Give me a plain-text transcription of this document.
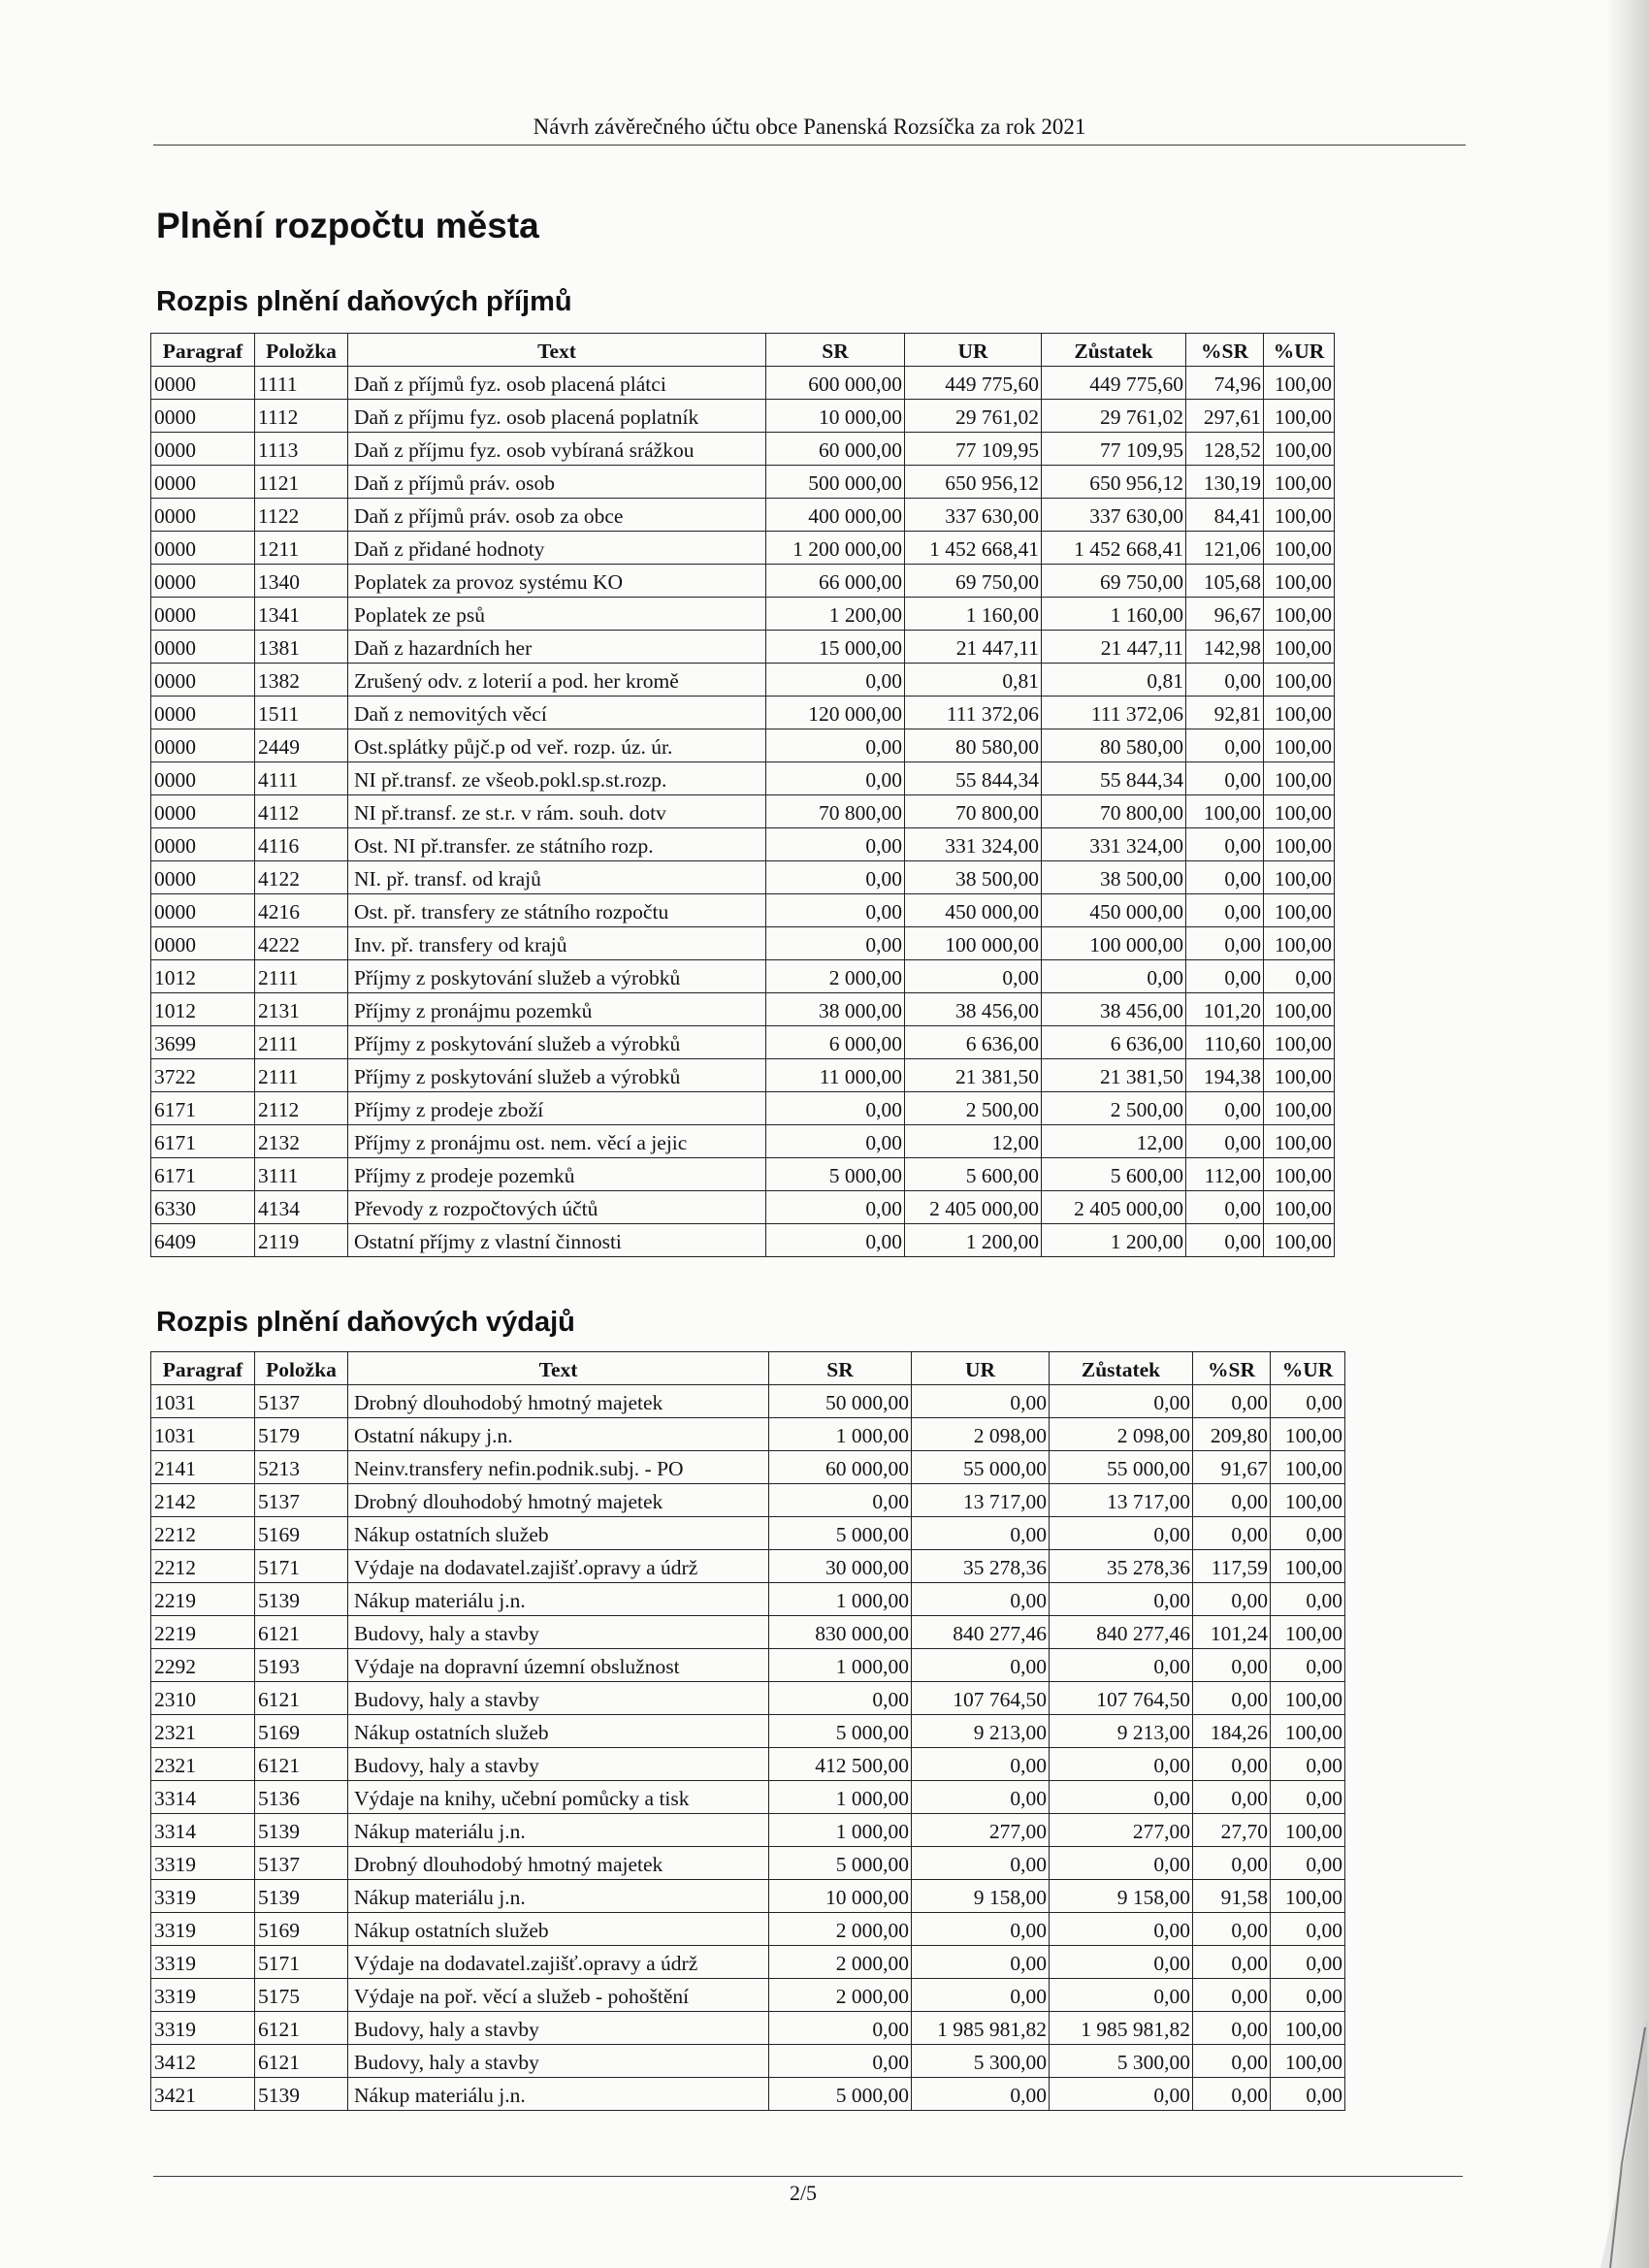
Návrh závěrečného účtu obce Panenská Rozsíčka za rok 2021
Plnění rozpočtu města
Rozpis plnění daňových příjmů
Paragraf	Položka	Text	SR	UR	Zůstatek	%SR	%UR
0000	1111	Daň z příjmů fyz. osob placená plátci	600 000,00	449 775,60	449 775,60	74,96	100,00
0000	1112	Daň z příjmu fyz. osob placená poplatník	10 000,00	29 761,02	29 761,02	297,61	100,00
0000	1113	Daň z příjmu fyz. osob vybíraná srážkou	60 000,00	77 109,95	77 109,95	128,52	100,00
0000	1121	Daň z příjmů práv. osob	500 000,00	650 956,12	650 956,12	130,19	100,00
0000	1122	Daň z příjmů práv. osob za obce	400 000,00	337 630,00	337 630,00	84,41	100,00
0000	1211	Daň z přidané hodnoty	1 200 000,00	1 452 668,41	1 452 668,41	121,06	100,00
0000	1340	Poplatek za provoz systému KO	66 000,00	69 750,00	69 750,00	105,68	100,00
0000	1341	Poplatek ze psů	1 200,00	1 160,00	1 160,00	96,67	100,00
0000	1381	Daň z hazardních her	15 000,00	21 447,11	21 447,11	142,98	100,00
0000	1382	Zrušený odv. z loterií a pod. her kromě	0,00	0,81	0,81	0,00	100,00
0000	1511	Daň z nemovitých věcí	120 000,00	111 372,06	111 372,06	92,81	100,00
0000	2449	Ost.splátky půjč.p od veř. rozp. úz. úr.	0,00	80 580,00	80 580,00	0,00	100,00
0000	4111	NI př.transf. ze všeob.pokl.sp.st.rozp.	0,00	55 844,34	55 844,34	0,00	100,00
0000	4112	NI př.transf. ze st.r. v rám. souh. dotv	70 800,00	70 800,00	70 800,00	100,00	100,00
0000	4116	Ost. NI př.transfer. ze státního rozp.	0,00	331 324,00	331 324,00	0,00	100,00
0000	4122	NI. př. transf. od krajů	0,00	38 500,00	38 500,00	0,00	100,00
0000	4216	Ost. př. transfery ze státního rozpočtu	0,00	450 000,00	450 000,00	0,00	100,00
0000	4222	Inv. př. transfery od krajů	0,00	100 000,00	100 000,00	0,00	100,00
1012	2111	Příjmy z poskytování služeb a výrobků	2 000,00	0,00	0,00	0,00	0,00
1012	2131	Příjmy z pronájmu pozemků	38 000,00	38 456,00	38 456,00	101,20	100,00
3699	2111	Příjmy z poskytování služeb a výrobků	6 000,00	6 636,00	6 636,00	110,60	100,00
3722	2111	Příjmy z poskytování služeb a výrobků	11 000,00	21 381,50	21 381,50	194,38	100,00
6171	2112	Příjmy z prodeje zboží	0,00	2 500,00	2 500,00	0,00	100,00
6171	2132	Příjmy z pronájmu ost. nem. věcí a jejic	0,00	12,00	12,00	0,00	100,00
6171	3111	Příjmy z prodeje pozemků	5 000,00	5 600,00	5 600,00	112,00	100,00
6330	4134	Převody z rozpočtových účtů	0,00	2 405 000,00	2 405 000,00	0,00	100,00
6409	2119	Ostatní příjmy z vlastní činnosti	0,00	1 200,00	1 200,00	0,00	100,00
Rozpis plnění daňových výdajů
Paragraf	Položka	Text	SR	UR	Zůstatek	%SR	%UR
1031	5137	Drobný dlouhodobý hmotný majetek	50 000,00	0,00	0,00	0,00	0,00
1031	5179	Ostatní nákupy j.n.	1 000,00	2 098,00	2 098,00	209,80	100,00
2141	5213	Neinv.transfery nefin.podnik.subj. - PO	60 000,00	55 000,00	55 000,00	91,67	100,00
2142	5137	Drobný dlouhodobý hmotný majetek	0,00	13 717,00	13 717,00	0,00	100,00
2212	5169	Nákup ostatních služeb	5 000,00	0,00	0,00	0,00	0,00
2212	5171	Výdaje na dodavatel.zajišť.opravy a údrž	30 000,00	35 278,36	35 278,36	117,59	100,00
2219	5139	Nákup materiálu j.n.	1 000,00	0,00	0,00	0,00	0,00
2219	6121	Budovy, haly a stavby	830 000,00	840 277,46	840 277,46	101,24	100,00
2292	5193	Výdaje na dopravní územní obslužnost	1 000,00	0,00	0,00	0,00	0,00
2310	6121	Budovy, haly a stavby	0,00	107 764,50	107 764,50	0,00	100,00
2321	5169	Nákup ostatních služeb	5 000,00	9 213,00	9 213,00	184,26	100,00
2321	6121	Budovy, haly a stavby	412 500,00	0,00	0,00	0,00	0,00
3314	5136	Výdaje na knihy, učební pomůcky a tisk	1 000,00	0,00	0,00	0,00	0,00
3314	5139	Nákup materiálu j.n.	1 000,00	277,00	277,00	27,70	100,00
3319	5137	Drobný dlouhodobý hmotný majetek	5 000,00	0,00	0,00	0,00	0,00
3319	5139	Nákup materiálu j.n.	10 000,00	9 158,00	9 158,00	91,58	100,00
3319	5169	Nákup ostatních služeb	2 000,00	0,00	0,00	0,00	0,00
3319	5171	Výdaje na dodavatel.zajišť.opravy a údrž	2 000,00	0,00	0,00	0,00	0,00
3319	5175	Výdaje na poř. věcí a služeb - pohoštění	2 000,00	0,00	0,00	0,00	0,00
3319	6121	Budovy, haly a stavby	0,00	1 985 981,82	1 985 981,82	0,00	100,00
3412	6121	Budovy, haly a stavby	0,00	5 300,00	5 300,00	0,00	100,00
3421	5139	Nákup materiálu j.n.	5 000,00	0,00	0,00	0,00	0,00
2/5
